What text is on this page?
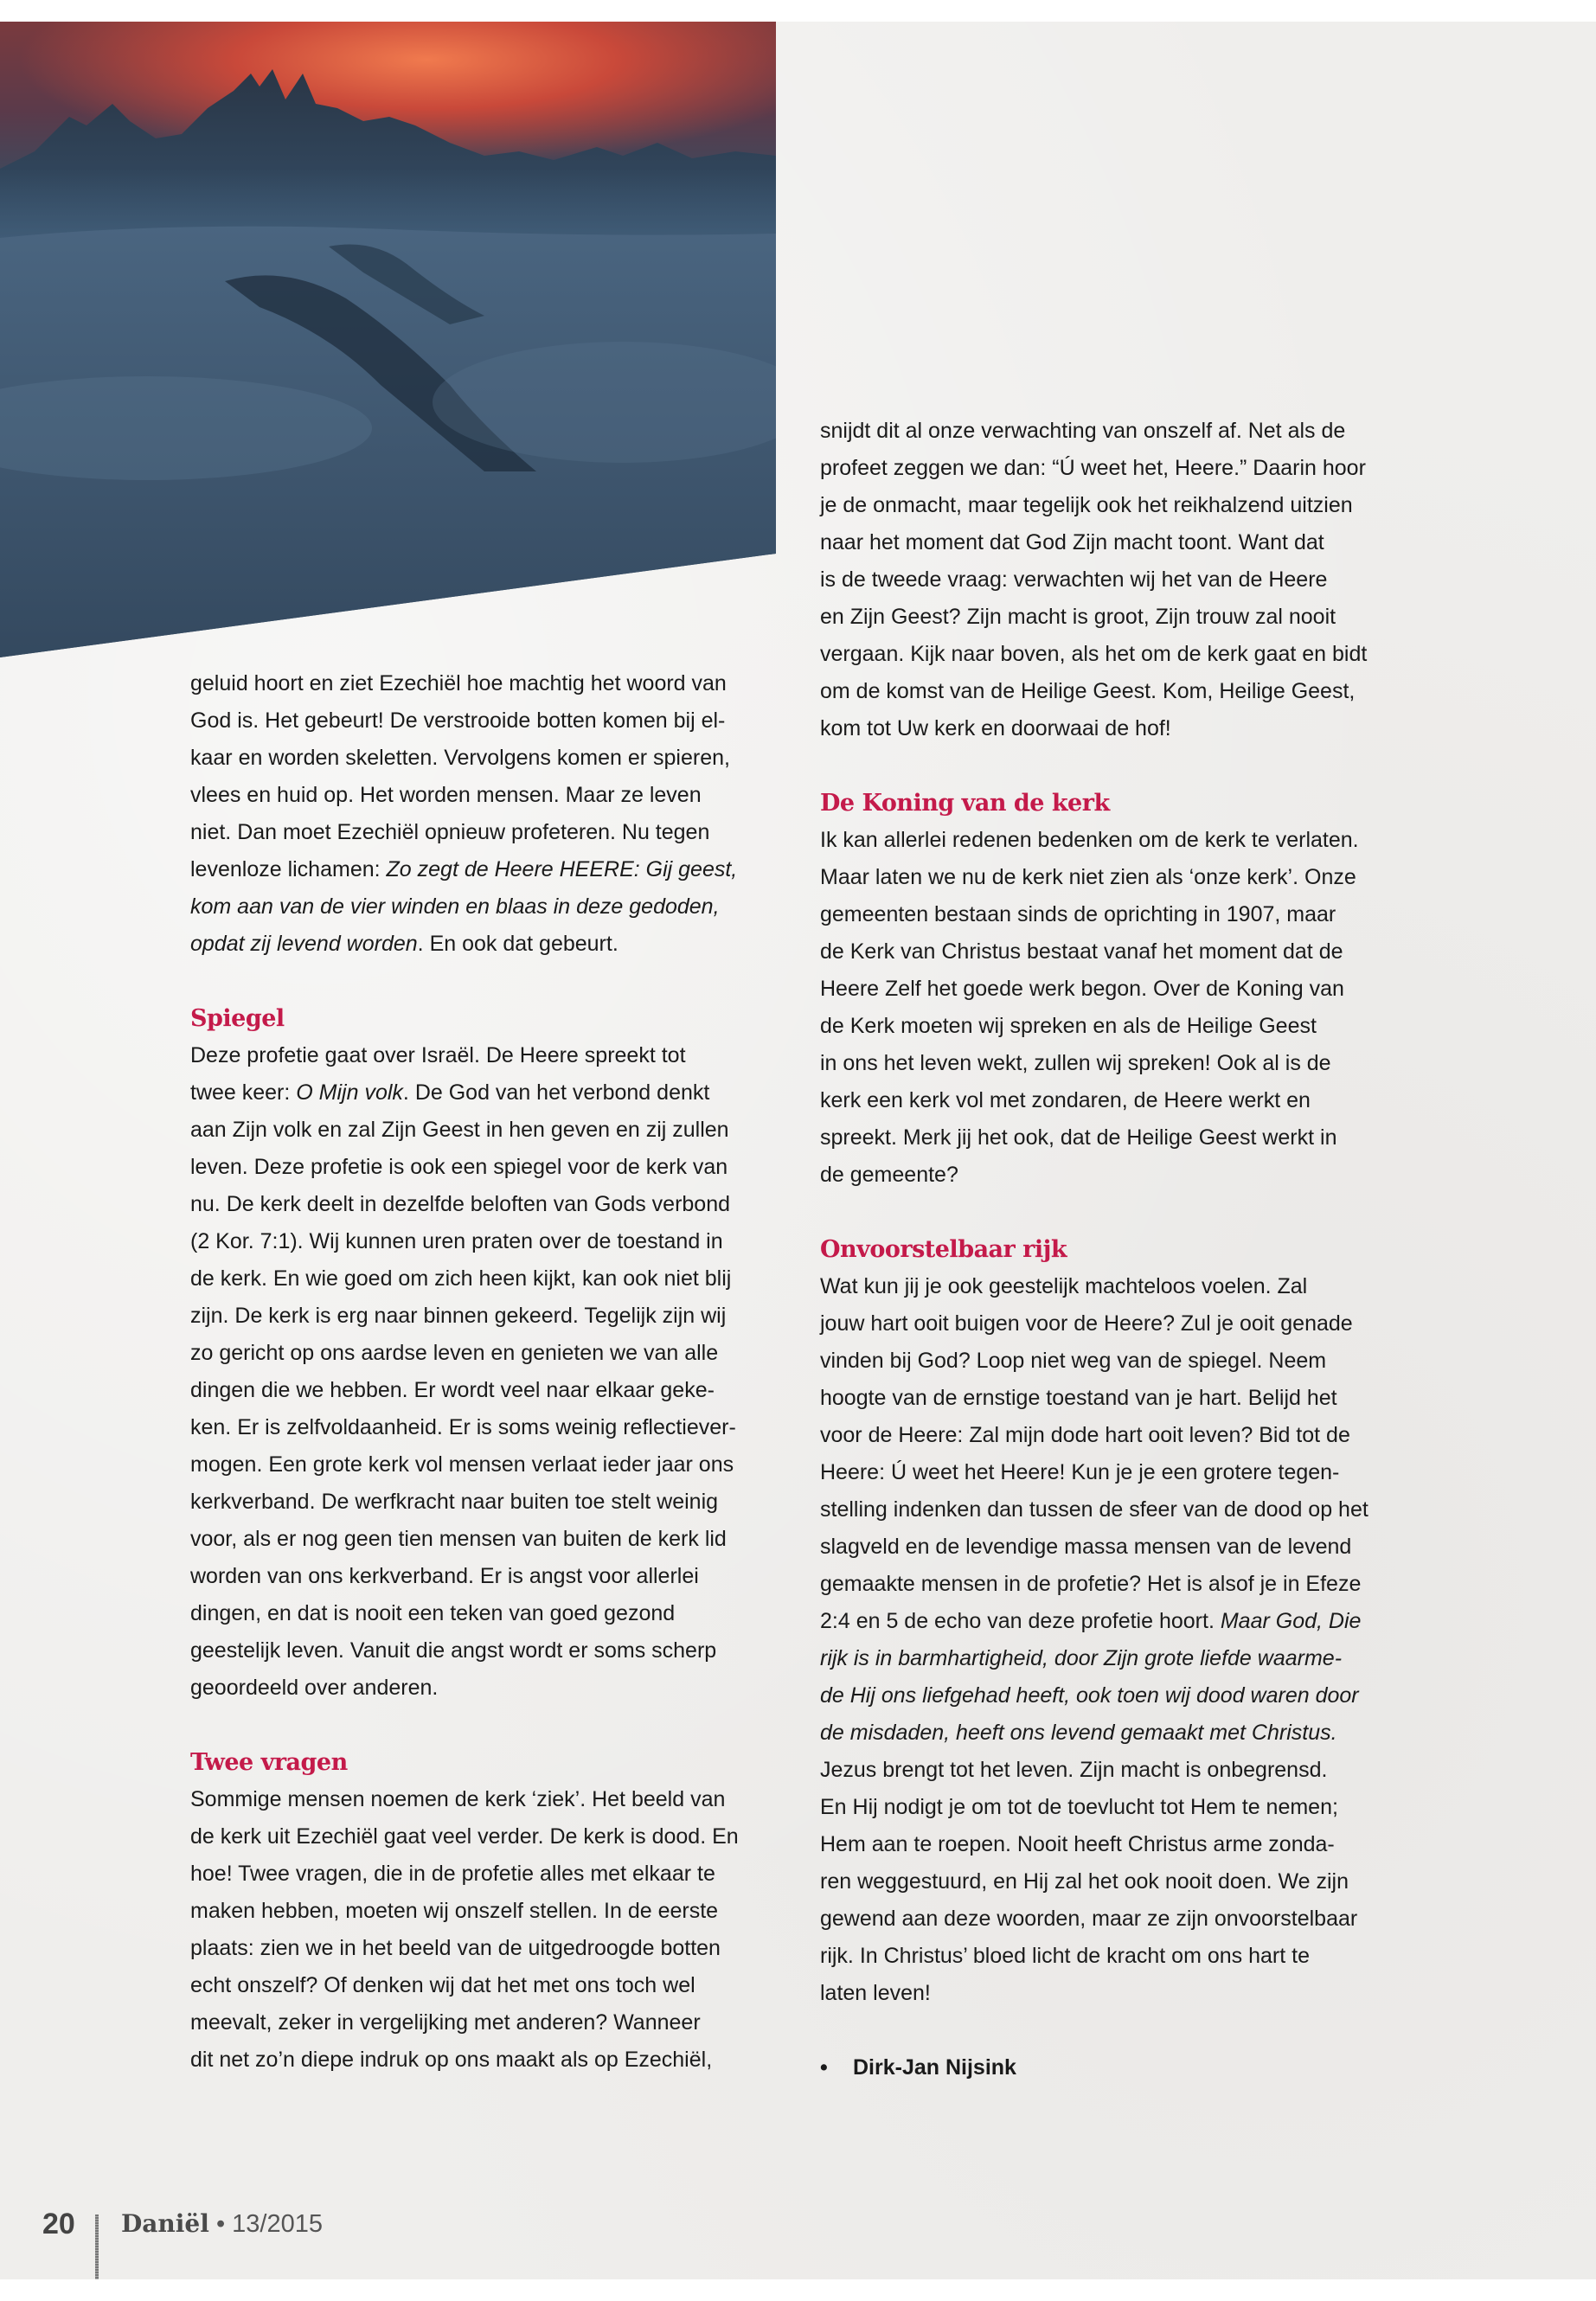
geluid hoort en ziet Ezechiël hoe machtig het woord van
God is. Het gebeurt! De verstrooide botten komen bij el-
kaar en worden skeletten. Vervolgens komen er spieren,
vlees en huid op. Het worden mensen. Maar ze leven
niet. Dan moet Ezechiël opnieuw profeteren. Nu tegen
levenloze lichamen: Zo zegt de Heere HEERE: Gij geest,
kom aan van de vier winden en blaas in deze gedoden,
opdat zij levend worden. En ook dat gebeurt.
Spiegel
Deze profetie gaat over Israël. De Heere spreekt tot
twee keer: O Mijn volk. De God van het verbond denkt
aan Zijn volk en zal Zijn Geest in hen geven en zij zullen
leven. Deze profetie is ook een spiegel voor de kerk van
nu. De kerk deelt in dezelfde beloften van Gods verbond
(2 Kor. 7:1). Wij kunnen uren praten over de toestand in
de kerk. En wie goed om zich heen kijkt, kan ook niet blij
zijn. De kerk is erg naar binnen gekeerd. Tegelijk zijn wij
zo gericht op ons aardse leven en genieten we van alle
dingen die we hebben. Er wordt veel naar elkaar geke-
ken. Er is zelfvoldaanheid. Er is soms weinig reflectiever-
mogen. Een grote kerk vol mensen verlaat ieder jaar ons
kerkverband. De werfkracht naar buiten toe stelt weinig
voor, als er nog geen tien mensen van buiten de kerk lid
worden van ons kerkverband. Er is angst voor allerlei
dingen, en dat is nooit een teken van goed gezond
geestelijk leven. Vanuit die angst wordt er soms scherp
geoordeeld over anderen.
Twee vragen
Sommige mensen noemen de kerk ‘ziek’. Het beeld van
de kerk uit Ezechiël gaat veel verder. De kerk is dood. En
hoe! Twee vragen, die in de profetie alles met elkaar te
maken hebben, moeten wij onszelf stellen. In de eerste
plaats: zien we in het beeld van de uitgedroogde botten
echt onszelf? Of denken wij dat het met ons toch wel
meevalt, zeker in vergelijking met anderen? Wanneer
dit net zo’n diepe indruk op ons maakt als op Ezechiël,
snijdt dit al onze verwachting van onszelf af. Net als de
profeet zeggen we dan: “Ú weet het, Heere.” Daarin hoor
je de onmacht, maar tegelijk ook het reikhalzend uitzien
naar het moment dat God Zijn macht toont. Want dat
is de tweede vraag: verwachten wij het van de Heere
en Zijn Geest? Zijn macht is groot, Zijn trouw zal nooit
vergaan. Kijk naar boven, als het om de kerk gaat en bidt
om de komst van de Heilige Geest. Kom, Heilige Geest,
kom tot Uw kerk en doorwaai de hof!
De Koning van de kerk
Ik kan allerlei redenen bedenken om de kerk te verlaten.
Maar laten we nu de kerk niet zien als ‘onze kerk’. Onze
gemeenten bestaan sinds de oprichting in 1907, maar
de Kerk van Christus bestaat vanaf het moment dat de
Heere Zelf het goede werk begon. Over de Koning van
de Kerk moeten wij spreken en als de Heilige Geest
in ons het leven wekt, zullen wij spreken! Ook al is de
kerk een kerk vol met zondaren, de Heere werkt en
spreekt. Merk jij het ook, dat de Heilige Geest werkt in
de gemeente?
Onvoorstelbaar rijk
Wat kun jij je ook geestelijk machteloos voelen. Zal
jouw hart ooit buigen voor de Heere? Zul je ooit genade
vinden bij God? Loop niet weg van de spiegel. Neem
hoogte van de ernstige toestand van je hart. Belijd het
voor de Heere: Zal mijn dode hart ooit leven? Bid tot de
Heere: Ú weet het Heere! Kun je je een grotere tegen-
stelling indenken dan tussen de sfeer van de dood op het
slagveld en de levendige massa mensen van de levend
gemaakte mensen in de profetie? Het is alsof je in Efeze
2:4 en 5 de echo van deze profetie hoort. Maar God, Die
rijk is in barmhartigheid, door Zijn grote liefde waarme-
de Hij ons liefgehad heeft, ook toen wij dood waren door
de misdaden, heeft ons levend gemaakt met Christus.
Jezus brengt tot het leven. Zijn macht is onbegrensd.
En Hij nodigt je om tot de toevlucht tot Hem te nemen;
Hem aan te roepen. Nooit heeft Christus arme zonda-
ren weggestuurd, en Hij zal het ook nooit doen. We zijn
gewend aan deze woorden, maar ze zijn onvoorstelbaar
rijk. In Christus’ bloed licht de kracht om ons hart te
laten leven!
• Dirk-Jan Nijsink
20 Daniël • 13/2015
